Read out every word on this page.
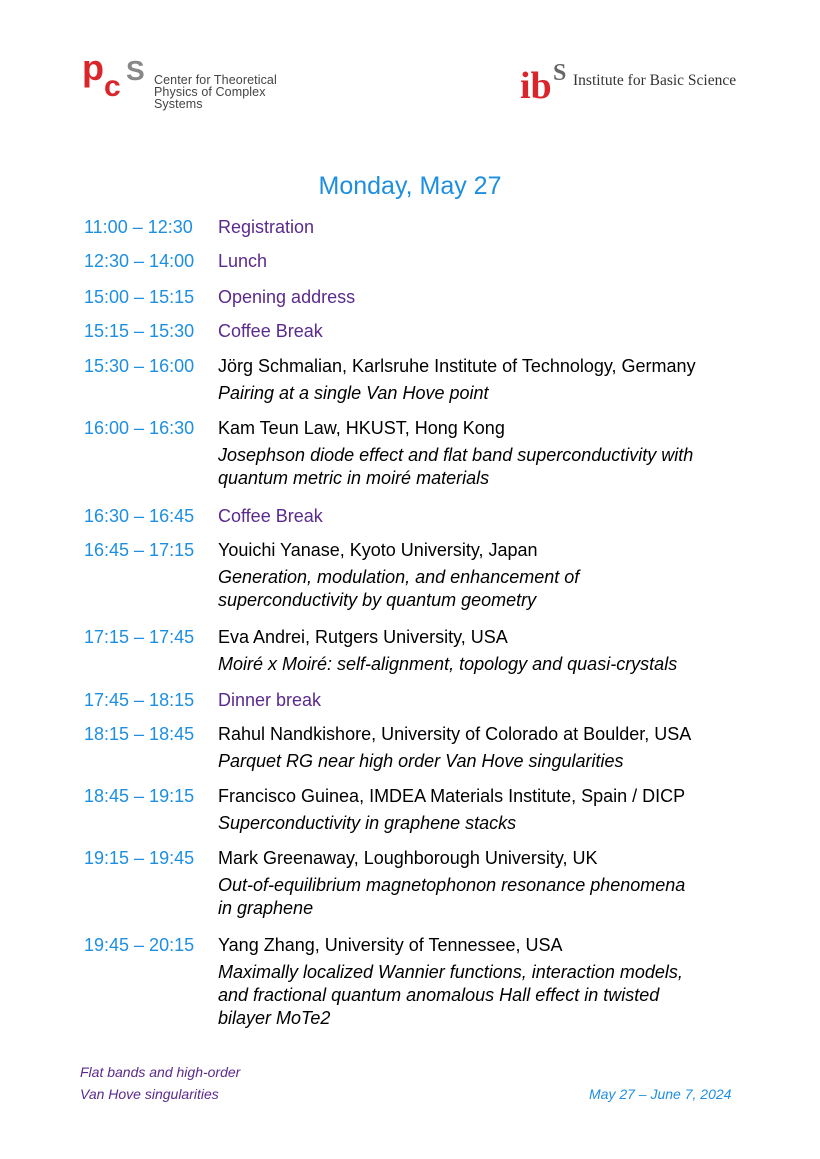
p c S Center for Theoretical
Physics of Complex Systems	ib S Institute for Basic Science
Monday, May 27
11:00 – 12:30 Registration
12:30 – 14:00 Lunch
15:00 – 15:15 Opening address
15:15 – 15:30 Coffee Break
15:30 – 16:00 Jörg Schmalian, Karlsruhe Institute of Technology, Germany
Pairing at a single Van Hove point
16:00 – 16:30 Kam Teun Law, HKUST, Hong Kong
Josephson diode effect and flat band superconductivity with
quantum metric in moiré materials
16:30 – 16:45 Coffee Break
16:45 – 17:15 Youichi Yanase, Kyoto University, Japan
Generation, modulation, and enhancement of
superconductivity by quantum geometry
17:15 – 17:45 Eva Andrei, Rutgers University, USA
Moiré x Moiré: self-alignment, topology and quasi-crystals
17:45 – 18:15 Dinner break
18:15 – 18:45 Rahul Nandkishore, University of Colorado at Boulder, USA
Parquet RG near high order Van Hove singularities
18:45 – 19:15 Francisco Guinea, IMDEA Materials Institute, Spain / DICP
Superconductivity in graphene stacks
19:15 – 19:45 Mark Greenaway, Loughborough University, UK
Out-of-equilibrium magnetophonon resonance phenomena
in graphene
19:45 – 20:15 Yang Zhang, University of Tennessee, USA
Maximally localized Wannier functions, interaction models,
and fractional quantum anomalous Hall effect in twisted
bilayer MoTe2
Flat bands and high-order
Van Hove singularities	May 27 – June 7, 2024
